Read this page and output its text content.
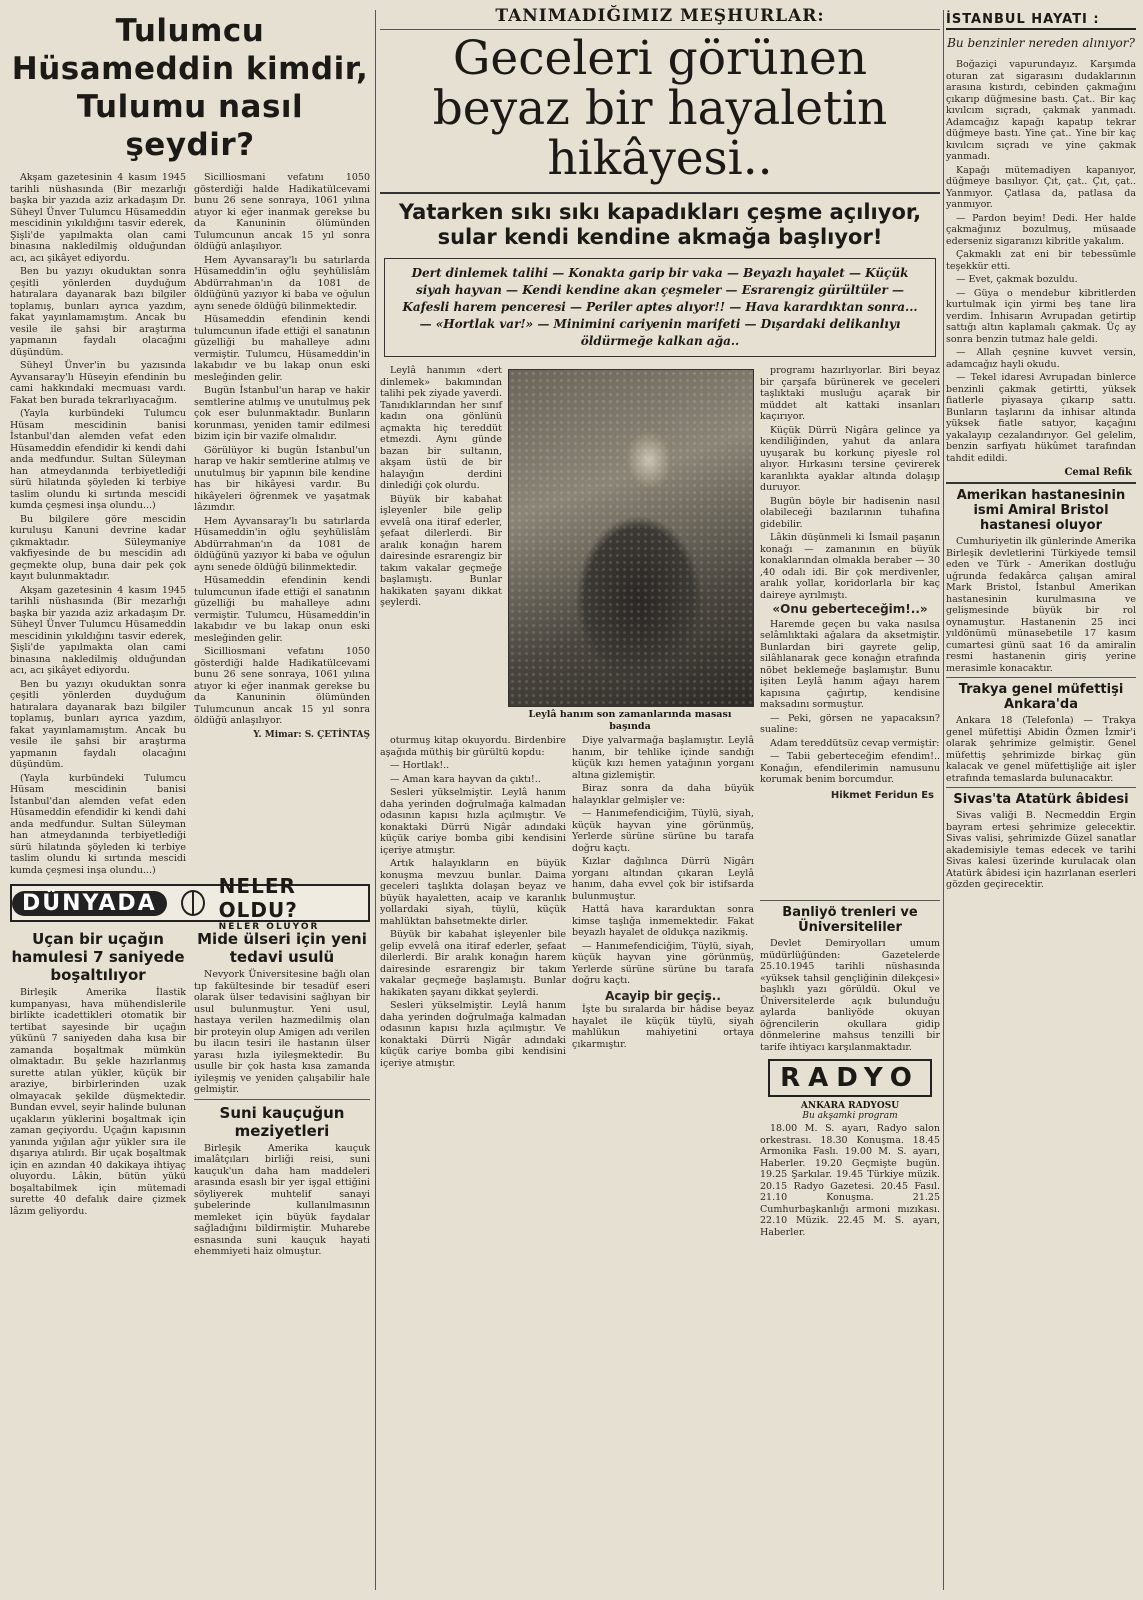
Tulumcu Hüsameddin kimdir, Tulumu nasıl şeydir?

Akşam gazetesinin 4 kasım 1945 tarihli nüshasında (Bir mezarlığı başka bir yazıda aziz arkadaşım Dr. Süheyl Ünver Tulumcu Hüsameddin mescidinin yıkıldığını tasvir ederek, Şişli'de yapılmakta olan cami binasına nakledilmiş olduğundan acı, acı şikâyet ediyordu.

Ben bu yazıyı okuduktan sonra çeşitli yönlerden duyduğum hatıralara dayanarak bazı bilgiler toplamış, bunları ayrıca yazdım, fakat yayınlamamıştım. Ancak bu vesile ile şahsi bir araştırma yapmanın faydalı olacağını düşündüm.

Süheyl Ünver'in bu yazısında Ayvansaray'lı Hüseyin efendinin bu cami hakkındaki mecmuası vardı. Fakat ben burada tekrarlıyacağım.

(Yayla kurbündeki Tulumcu Hüsam mescidinin banisi İstanbul'dan alemden vefat eden Hüsameddin efendidir ki kendi dahi anda medfundur. Sultan Süleyman han atmeydanında terbiyetlediği sürü hilatında şöyleden ki terbiye taslim olundu ki sırtında mescidi kumda çeşmesi inşa olundu...)

Bu bilgilere göre mescidin kuruluşu Kanuni devrine kadar çıkmaktadır. Süleymaniye vakfiyesinde de bu mescidin adı geçmekte olup, buna dair pek çok kayıt bulunmaktadır.

Akşam gazetesinin 4 kasım 1945 tarihli nüshasında (Bir mezarlığı başka bir yazıda aziz arkadaşım Dr. Süheyl Ünver Tulumcu Hüsameddin mescidinin yıkıldığını tasvir ederek, Şişli'de yapılmakta olan cami binasına nakledilmiş olduğundan acı, acı şikâyet ediyordu.

Ben bu yazıyı okuduktan sonra çeşitli yönlerden duyduğum hatıralara dayanarak bazı bilgiler toplamış, bunları ayrıca yazdım, fakat yayınlamamıştım. Ancak bu vesile ile şahsi bir araştırma yapmanın faydalı olacağını düşündüm.

(Yayla kurbündeki Tulumcu Hüsam mescidinin banisi İstanbul'dan alemden vefat eden Hüsameddin efendidir ki kendi dahi anda medfundur. Sultan Süleyman han atmeydanında terbiyetlediği sürü hilatında şöyleden ki terbiye taslim olundu ki sırtında mescidi kumda çeşmesi inşa olundu...)

Sicilliosmani vefatını 1050 gösterdiği halde Hadikatülcevami bunu 26 sene sonraya, 1061 yılına atıyor ki eğer inanmak gerekse bu da Kanuninin ölümünden Tulumcunun ancak 15 yıl sonra öldüğü anlaşılıyor.

Hem Ayvansaray'lı bu satırlarda Hüsameddin'in oğlu şeyhülislâm Abdürrahman'ın da 1081 de öldüğünü yazıyor ki baba ve oğulun aynı senede öldüğü bilinmektedir.

Hüsameddin efendinin kendi tulumcunun ifade ettiği el sanatının güzelliği bu mahalleye adını vermiştir. Tulumcu, Hüsameddin'in lakabıdır ve bu lakap onun eski mesleğinden gelir.

Bugün İstanbul'un harap ve hakir semtlerine atılmış ve unutulmuş pek çok eser bulunmaktadır. Bunların korunması, yeniden tamir edilmesi bizim için bir vazife olmalıdır.

Görülüyor ki bugün İstanbul'un harap ve hakir semtlerine atılmış ve unutulmuş bir yapının bile kendine has bir hikâyesi vardır. Bu hikâyeleri öğrenmek ve yaşatmak lâzımdır.

Hem Ayvansaray'lı bu satırlarda Hüsameddin'in oğlu şeyhülislâm Abdürrahman'ın da 1081 de öldüğünü yazıyor ki baba ve oğulun aynı senede öldüğü bilinmektedir.

Hüsameddin efendinin kendi tulumcunun ifade ettiği el sanatının güzelliği bu mahalleye adını vermiştir. Tulumcu, Hüsameddin'in lakabıdır ve bu lakap onun eski mesleğinden gelir.

Sicilliosmani vefatını 1050 gösterdiği halde Hadikatülcevami bunu 26 sene sonraya, 1061 yılına atıyor ki eğer inanmak gerekse bu da Kanuninin ölümünden Tulumcunun ancak 15 yıl sonra öldüğü anlaşılıyor.

Y. Mimar: S. ÇETİNTAŞ
DÜNYADA
NELER OLDU?
NELER OLUYOR
Uçan bir uçağın hamulesi 7 saniyede boşaltılıyor

Birleşik Amerika İlastik kumpanyası, hava mühendislerile birlikte icadettikleri otomatik bir tertibat sayesinde bir uçağın yükünü 7 saniyeden daha kısa bir zamanda boşaltmak mümkün olmaktadır. Bu şekle hazırlanmış surette atılan yükler, küçük bir araziye, birbirlerinden uzak olmayacak şekilde düşmektedir. Bundan evvel, seyir halinde bulunan uçakların yüklerini boşaltmak için zaman geçiyordu. Uçağın kapısının yanında yığılan ağır yükler sıra ile dışarıya atılırdı. Bir uçak boşaltmak için en azından 40 dakikaya ihtiyaç oluyordu. Lâkin, bütün yükü boşaltabilmek için mütemadi surette 40 defalık daire çizmek lâzım geliyordu.

Mide ülseri için yeni tedavi usulü

Nevyork Üniversitesine bağlı olan tıp fakültesinde bir tesadüf eseri olarak ülser tedavisini sağlıyan bir usul bulunmuştur. Yeni usul, hastaya verilen hazmedilmiş olan bir proteyin olup Amigen adı verilen bu ilacın tesiri ile hastanın ülser yarası hızla iyileşmektedir. Bu usulle bir çok hasta kısa zamanda iyileşmiş ve yeniden çalışabilir hale gelmiştir.

Suni kauçuğun meziyetleri

Birleşik Amerika kauçuk imalâtçıları birliği reisi, suni kauçuk'un daha ham maddeleri arasında esaslı bir yer işgal ettiğini söyliyerek muhtelif sanayi şubelerinde kullanılmasının memleket için büyük faydalar sağladığını bildirmiştir. Muharebe esnasında suni kauçuk hayati ehemmiyeti haiz olmuştur.

TANIMADIĞIMIZ MEŞHURLAR:
Geceleri görünen beyaz bir hayaletin hikâyesi..
Yatarken sıkı sıkı kapadıkları çeşme açılıyor, sular kendi kendine akmağa başlıyor!
Dert dinlemek talihi — Konakta garip bir vaka — Beyazlı hayalet — Küçük siyah hayvan — Kendi kendine akan çeşmeler — Esrarengiz gürültüler — Kafesli harem penceresi — Periler aptes alıyor!! — Hava karardıktan sonra... — «Hortlak var!» — Minimini cariyenin marifeti — Dışardaki delikanlıyı öldürmeğe kalkan ağa..

Leylâ hanımın «dert dinlemek» bakımından talihi pek ziyade yaverdi. Tanıdıklarından her sınıf kadın ona gönlünü açmakta hiç tereddüt etmezdi. Aynı günde bazan bir sultanın, akşam üstü de bir halayığın derdini dinlediği çok olurdu.

Büyük bir kabahat işleyenler bile gelip evvelâ ona itiraf ederler, şefaat dilerlerdi. Bir aralık konağın harem dairesinde esrarengiz bir takım vakalar geçmeğe başlamıştı. Bunlar hakikaten şayanı dikkat şeylerdi.

Leylâ hanım son zamanlarında masası başında

programı hazırlıyorlar. Biri beyaz bir çarşafa bürünerek ve geceleri taşlıktaki musluğu açarak bir müddet alt kattaki insanları kaçırıyor.

Küçük Dürrü Nigâra gelince ya kendiliğinden, yahut da anlara uyuşarak bu korkunç piyesle rol alıyor. Hırkasını tersine çevirerek karanlıkta ayaklar altında dolaşıp duruyor.

Bugün böyle bir hadisenin nasıl olabileceği bazılarının tuhafına gidebilir.

Lâkin düşünmeli ki İsmail paşanın konağı — zamanının en büyük konaklarından olmakla beraber — 30 ,40 odalı idi. Bir çok merdivenler, aralık yollar, koridorlarla bir kaç daireye ayrılmıştı.

«Onu geberteceğim!..»

Haremde geçen bu vaka nasılsa selâmlıktaki ağalara da aksetmiştir. Bunlardan biri gayrete gelip, silâhlanarak gece konağın etrafında nöbet beklemeğe başlamıştır. Bunu işiten Leylâ hanım ağayı harem kapısına çağırtıp, kendisine maksadını sormuştur.

— Peki, görsen ne yapacaksın? sualine:

Adam tereddütsüz cevap vermiştir:

— Tabii geberteceğim efendim!.. Konağın, efendilerimin namusunu korumak benim borcumdur.

Hikmet Feridun Es

oturmuş kitap okuyordu. Birdenbire aşağıda müthiş bir gürültü kopdu:

— Hortlak!..

— Aman kara hayvan da çıktı!..

Sesleri yükselmiştir. Leylâ hanım daha yerinden doğrulmağa kalmadan odasının kapısı hızla açılmıştır. Ve konaktaki Dürrü Nigâr adındaki küçük cariye bomba gibi kendisini içeriye atmıştır.

Artık halayıkların en büyük konuşma mevzuu bunlar. Daima geceleri taşlıkta dolaşan beyaz ve büyük hayaletten, acaip ve karanlık yollardaki siyah, tüylü, küçük mahlüktan bahsetmekte dirler.

Büyük bir kabahat işleyenler bile gelip evvelâ ona itiraf ederler, şefaat dilerlerdi. Bir aralık konağın harem dairesinde esrarengiz bir takım vakalar geçmeğe başlamıştı. Bunlar hakikaten şayanı dikkat şeylerdi.

Sesleri yükselmiştir. Leylâ hanım daha yerinden doğrulmağa kalmadan odasının kapısı hızla açılmıştır. Ve konaktaki Dürrü Nigâr adındaki küçük cariye bomba gibi kendisini içeriye atmıştır.

Diye yalvarmağa başlamıştır. Leylâ hanım, bir tehlike içinde sandığı küçük kızı hemen yatağının yorganı altına gizlemiştir.

Biraz sonra da daha büyük halayıklar gelmişler ve:

— Hanımefendiciğim, Tüylü, siyah, küçük hayvan yine görünmüş, Yerlerde sürüne sürüne bu tarafa doğru kaçtı.

Kızlar dağılınca Dürrü Nigârı yorganı altından çıkaran Leylâ hanım, daha evvel çok bir istifsarda bulunmuştur.

Hattâ hava kararduktan sonra kimse taşlığa inmemektedir. Fakat beyazlı hayalet de oldukça nazikmiş.

— Hanımefendiciğim, Tüylü, siyah, küçük hayvan yine görünmüş, Yerlerde sürüne sürüne bu tarafa doğru kaçtı.

Acayip bir geçiş..

İşte bu sıralarda bir hâdise beyaz hayalet ile küçük tüylü, siyah mahlükun mahiyetini ortaya çıkarmıştır.

Banliyö trenleri ve Üniversiteliler

Devlet Demiryolları umum müdürlüğünden: Gazetelerde 25.10.1945 tarihli nüshasında «yüksek tahsil gençliğinin dilekçesi» başlıklı yazı görüldü. Okul ve Üniversitelerde açık bulunduğu aylarda banliyöde okuyan öğrencilerin okullara gidip dönmelerine mahsus tenzilli bir tarife ihtiyacı karşılanmaktadır.

RADYO
ANKARA RADYOSU
Bu akşamki program

18.00 M. S. ayarı, Radyo salon orkestrası. 18.30 Konuşma. 18.45 Armonika Faslı. 19.00 M. S. ayarı, Haberler. 19.20 Geçmişte bugün. 19.25 Şarkılar. 19.45 Türkiye müzik. 20.15 Radyo Gazetesi. 20.45 Fasıl. 21.10 Konuşma. 21.25 Cumhurbaşkanlığı armoni mızıkası. 22.10 Müzik. 22.45 M. S. ayarı, Haberler.

İSTANBUL HAYATI :
Bu benzinler nereden alınıyor?

Boğaziçi vapurundayız. Karşımda oturan zat sigarasını dudaklarının arasına kıstırdı, cebinden çakmağını çıkarıp düğmesine bastı. Çat.. Bir kaç kıvılcım sıçradı, çakmak yanmadı. Adamcağız kapağı kapatıp tekrar düğmeye bastı. Yine çat.. Yine bir kaç kıvılcım sıçradı ve yine çakmak yanmadı.

Kapağı mütemadiyen kapanıyor, düğmeye basılıyor. Çıt, çat.. Çıt, çat.. Yanmıyor. Çatlasa da, patlasa da yanmıyor.

— Pardon beyim! Dedi. Her halde çakmağınız bozulmuş, müsaade ederseniz sigaranızı kibritle yakalım.

Çakmaklı zat eni bir tebessümle teşekkür etti.

— Evet, çakmak bozuldu.

— Güya o mendebur kibritlerden kurtulmak için yirmi beş tane lira verdim. İnhisarın Avrupadan getirtip sattığı altın kaplamalı çakmak. Üç ay sonra benzin tutmaz hale geldi.

— Allah çeşnine kuvvet versin, adamcağız hayli okudu.

— Tekel idaresi Avrupadan binlerce benzinli çakmak getirtti, yüksek fiatlerle piyasaya çıkarıp sattı. Bunların taşlarını da inhisar altında yüksek fiatle satıyor, kaçağını yakalayıp cezalandırıyor. Gel gelelim, benzin sarfiyatı hükûmet tarafından tahdit edildi.

Cemal Refik
Amerikan hastanesinin ismi Amiral Bristol hastanesi oluyor

Cumhuriyetin ilk günlerinde Amerika Birleşik devletlerini Türkiyede temsil eden ve Türk - Amerikan dostluğu uğrunda fedakârca çalışan amiral Mark Bristol, İstanbul Amerikan hastanesinin kurulmasına ve gelişmesinde büyük bir rol oynamuştur. Hastanenin 25 inci yıldönümü münasebetile 17 kasım cumartesi günü saat 16 da amiralin resmi hastanenin giriş yerine merasimle konacaktır.

Trakya genel müfettişi Ankara'da

Ankara 18 (Telefonla) — Trakya genel müfettişi Abidin Özmen İzmir'i olarak şehrimize gelmiştir. Genel müfettiş şehrimizde birkaç gün kalacak ve genel müfettişliğe ait işler etrafında temaslarda bulunacaktır.

Sivas'ta Atatürk âbidesi

Sivas valiği B. Necmeddin Ergin bayram ertesi şehrimize gelecektir. Sivas valisi, şehrimizde Güzel sanatlar akademisiyle temas edecek ve tarihi Sivas kalesi üzerinde kurulacak olan Atatürk âbidesi için hazırlanan eserleri gözden geçirecektir.
